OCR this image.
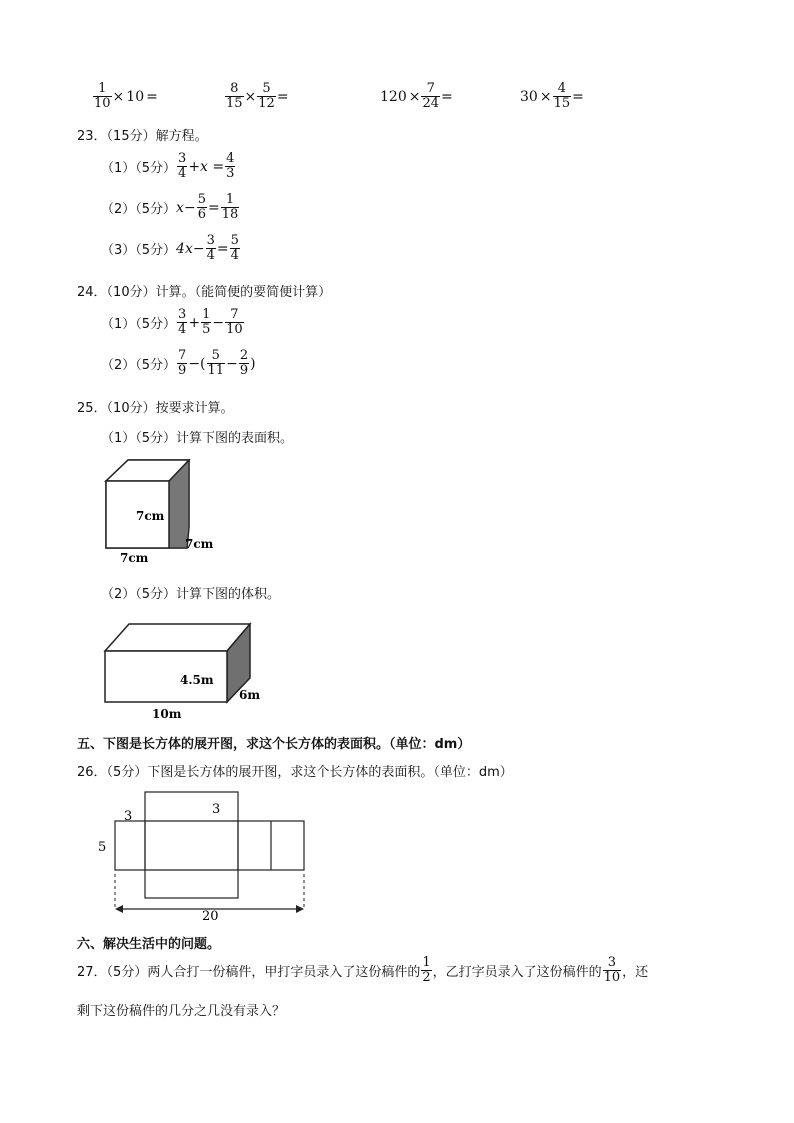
$\frac{1}{10} \times 10$ =	$\frac{8}{15} \times \frac{5}{12}$ =	$120 \times \frac{7}{24}$ =	$30 \times \frac{4}{15}$ =
23．（15分）解方程。
（1）（5分） $\frac{3}{4} +x = \frac{4}{3}$
（2）（5分） $x- \frac{5}{6} = \frac{1}{18}$
（3）（5分） $4x- \frac{3}{4} = \frac{5}{4}$
24．（10分）计算。（能简便的要简便计算）
（1）（5分） $\frac{3}{4} + \frac{1}{5} - \frac{7}{10}$
（2）（5分） $\frac{7}{9}$ −( $\frac{5}{11} - \frac{2}{9}$ )
25．（10分）按要求计算。
（1）（5分）计算下图的表面积。
7cm
7cm
7cm
（2）（5分）计算下图的体积。
4.5m
6m
10m
五、下图是长方体的展开图，求这个长方体的表面积。（单位：dm）
26．（5分）下图是长方体的展开图，求这个长方体的表面积。（单位：dm）
3	3
5
20
六、解决生活中的问题。
27．（5分）两人合打一份稿件，甲打字员录入了这份稿件的 $\frac{1}{2}$ ，乙打字员录入了这份稿件的 $\frac{3}{10}$ ，还
剩下这份稿件的几分之几没有录入？
